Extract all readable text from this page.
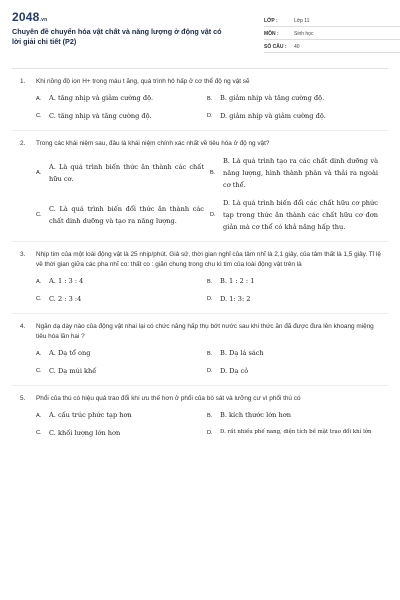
2048.vn
Chuyên đề chuyển hóa vật chất và năng lượng ở động vật có lời giải chi tiết (P2)
LỚP :	Lớp 11
MÔN :	Sinh học
SỐ CÂU :	40
1.	Khi nồng độ ion H+ trong máu t ăng, quá trình hô hấp ở cơ thể độ ng vật sẽ
A.	A. tăng nhịp và giảm cường độ.	B.	B. giảm nhịp và tăng cường độ.
C.	C. tăng nhịp và tăng cường độ.	D.	D. giảm nhịp và giảm cường độ.
2.	Trong các khái niệm sau, đâu là khái niệm chính xác nhất về tiêu hóa ở độ ng vật?
A.
A. Là quá trình biến thức ăn thành các chất hữu cơ.
B.
B. Là quá trình tạo ra các chất dinh dưỡng và năng lượng, hình thành phân và thải ra ngoài cơ thể.
C.
C. Là quá trình biến đổi thức ăn thành các chất dinh dưỡng và tạo ra năng lượng.
D.
D. Là quá trình biến đổi các chất hữu cơ phức tạp trong thức ăn thành các chất hữu cơ đơn giản mà cơ thể có khả năng hấp thụ.
3.	Nhịp tim của một loài động vật là 25 nhịp/phút. Giả sử, thời gian nghỉ của tâm nhĩ là 2,1 giây, của tâm thất là 1,5 giây. Tỉ lệ về thời gian giữa các pha nhĩ co: thất co : giãn chung trong chu kì tim của loài động vật trên là
A.	A. 1 : 3 : 4	B.	B. 1 : 2 : 1
C.	C. 2 : 3 :4	D.	D. 1: 3: 2
4.	Ngăn dạ dày nào của động vật nhai lại có chức năng hấp thụ bớt nước sau khi thức ăn đã được đưa lên khoang miệng tiêu hóa lần hai ?
A.	A. Dạ tổ ong	B.	B. Dạ lá sách
C.	C. Dạ múi khế	D.	D. Dạ cỏ
5.	Phổi của thú có hiệu quả trao đổi khí ưu thế hơn ở phổi của bò sát và lưỡng cư vì phổi thú có
A.	A. cấu trúc phức tạp hơn	B.	B. kích thước lớn hơn
C.	C. khối lượng lớn hơn	D.	D. rất nhiều phế nang, diện tích bề mặt trao đổi khí lớn
